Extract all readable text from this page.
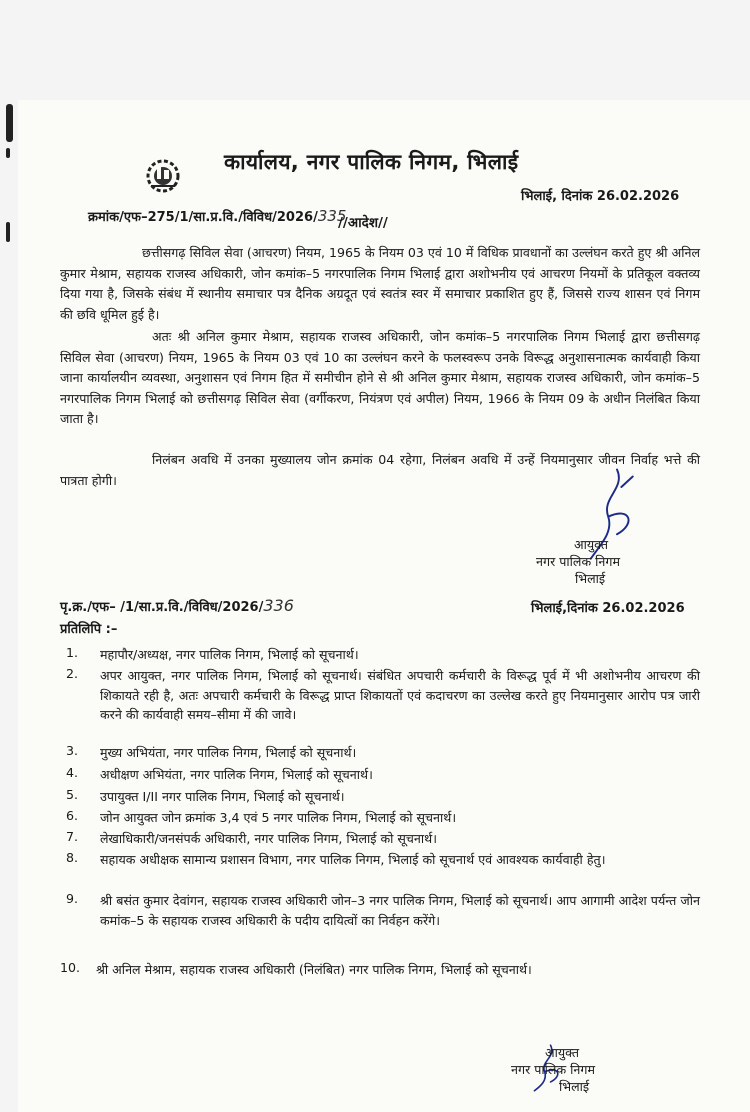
कार्यालय, नगर पालिक निगम, भिलाई
भिलाई, दिनांक 26.02.2026
क्रमांक/एफ–275/1/सा.प्र.वि./विविध/2026/335
//आदेश//
छत्तीसगढ़ सिविल सेवा (आचरण) नियम, 1965 के नियम 03 एवं 10 में विधिक प्रावधानों का उल्लंघन करते हुए श्री अनिल कुमार मेश्राम, सहायक राजस्व अधिकारी, जोन कमांक–5 नगरपालिक निगम भिलाई द्वारा अशोभनीय एवं आचरण नियमों के प्रतिकूल वक्तव्य दिया गया है, जिसके संबंध में स्थानीय समाचार पत्र दैनिक अग्रदूत एवं स्वतंत्र स्वर में समाचार प्रकाशित हुए हैं, जिससे राज्य शासन एवं निगम की छवि धूमिल हुई है।
अतः श्री अनिल कुमार मेश्राम, सहायक राजस्व अधिकारी, जोन कमांक–5 नगरपालिक निगम भिलाई द्वारा छत्तीसगढ़ सिविल सेवा (आचरण) नियम, 1965 के नियम 03 एवं 10 का उल्लंघन करने के फलस्वरूप उनके विरूद्ध अनुशासनात्मक कार्यवाही किया जाना कार्यालयीन व्यवस्था, अनुशासन एवं निगम हित में समीचीन होने से श्री अनिल कुमार मेश्राम, सहायक राजस्व अधिकारी, जोन कमांक–5 नगरपालिक निगम भिलाई को छत्तीसगढ़ सिविल सेवा (वर्गीकरण, नियंत्रण एवं अपील) नियम, 1966 के नियम 09 के अधीन निलंबित किया जाता है।
निलंबन अवधि में उनका मुख्यालय जोन क्रमांक 04 रहेगा, निलंबन अवधि में उन्हें नियमानुसार जीवन निर्वाह भत्ते की पात्रता होगी।
आयुक्त
नगर पालिक निगम
भिलाई
पृ.क्र./एफ– /1/सा.प्र.वि./विविध/2026/336	भिलाई,दिनांक 26.02.2026
प्रतिलिपि :–
1. महापौर/अध्यक्ष, नगर पालिक निगम, भिलाई को सूचनार्थ।
2. अपर आयुक्त, नगर पालिक निगम, भिलाई को सूचनार्थ। संबंधित अपचारी कर्मचारी के विरूद्ध पूर्व में भी अशोभनीय आचरण की शिकायते रही है, अतः अपचारी कर्मचारी के विरूद्ध प्राप्त शिकायतों एवं कदाचरण का उल्लेख करते हुए नियमानुसार आरोप पत्र जारी करने की कार्यवाही समय–सीमा में की जावे।
3. मुख्य अभियंता, नगर पालिक निगम, भिलाई को सूचनार्थ।
4. अधीक्षण अभियंता, नगर पालिक निगम, भिलाई को सूचनार्थ।
5. उपायुक्त I/II नगर पालिक निगम, भिलाई को सूचनार्थ।
6. जोन आयुक्त जोन क्रमांक 3,4 एवं 5 नगर पालिक निगम, भिलाई को सूचनार्थ।
7. लेखाधिकारी/जनसंपर्क अधिकारी, नगर पालिक निगम, भिलाई को सूचनार्थ।
8. सहायक अधीक्षक सामान्य प्रशासन विभाग, नगर पालिक निगम, भिलाई को सूचनार्थ एवं आवश्यक कार्यवाही हेतु।
9. श्री बसंत कुमार देवांगन, सहायक राजस्व अधिकारी जोन–3 नगर पालिक निगम, भिलाई को सूचनार्थ। आप आगामी आदेश पर्यन्त जोन कमांक–5 के सहायक राजस्व अधिकारी के पदीय दायित्वों का निर्वहन करेंगे।
10. श्री अनिल मेश्राम, सहायक राजस्व अधिकारी (निलंबित) नगर पालिक निगम, भिलाई को सूचनार्थ।
आयुक्त
नगर पालिक निगम
भिलाई
